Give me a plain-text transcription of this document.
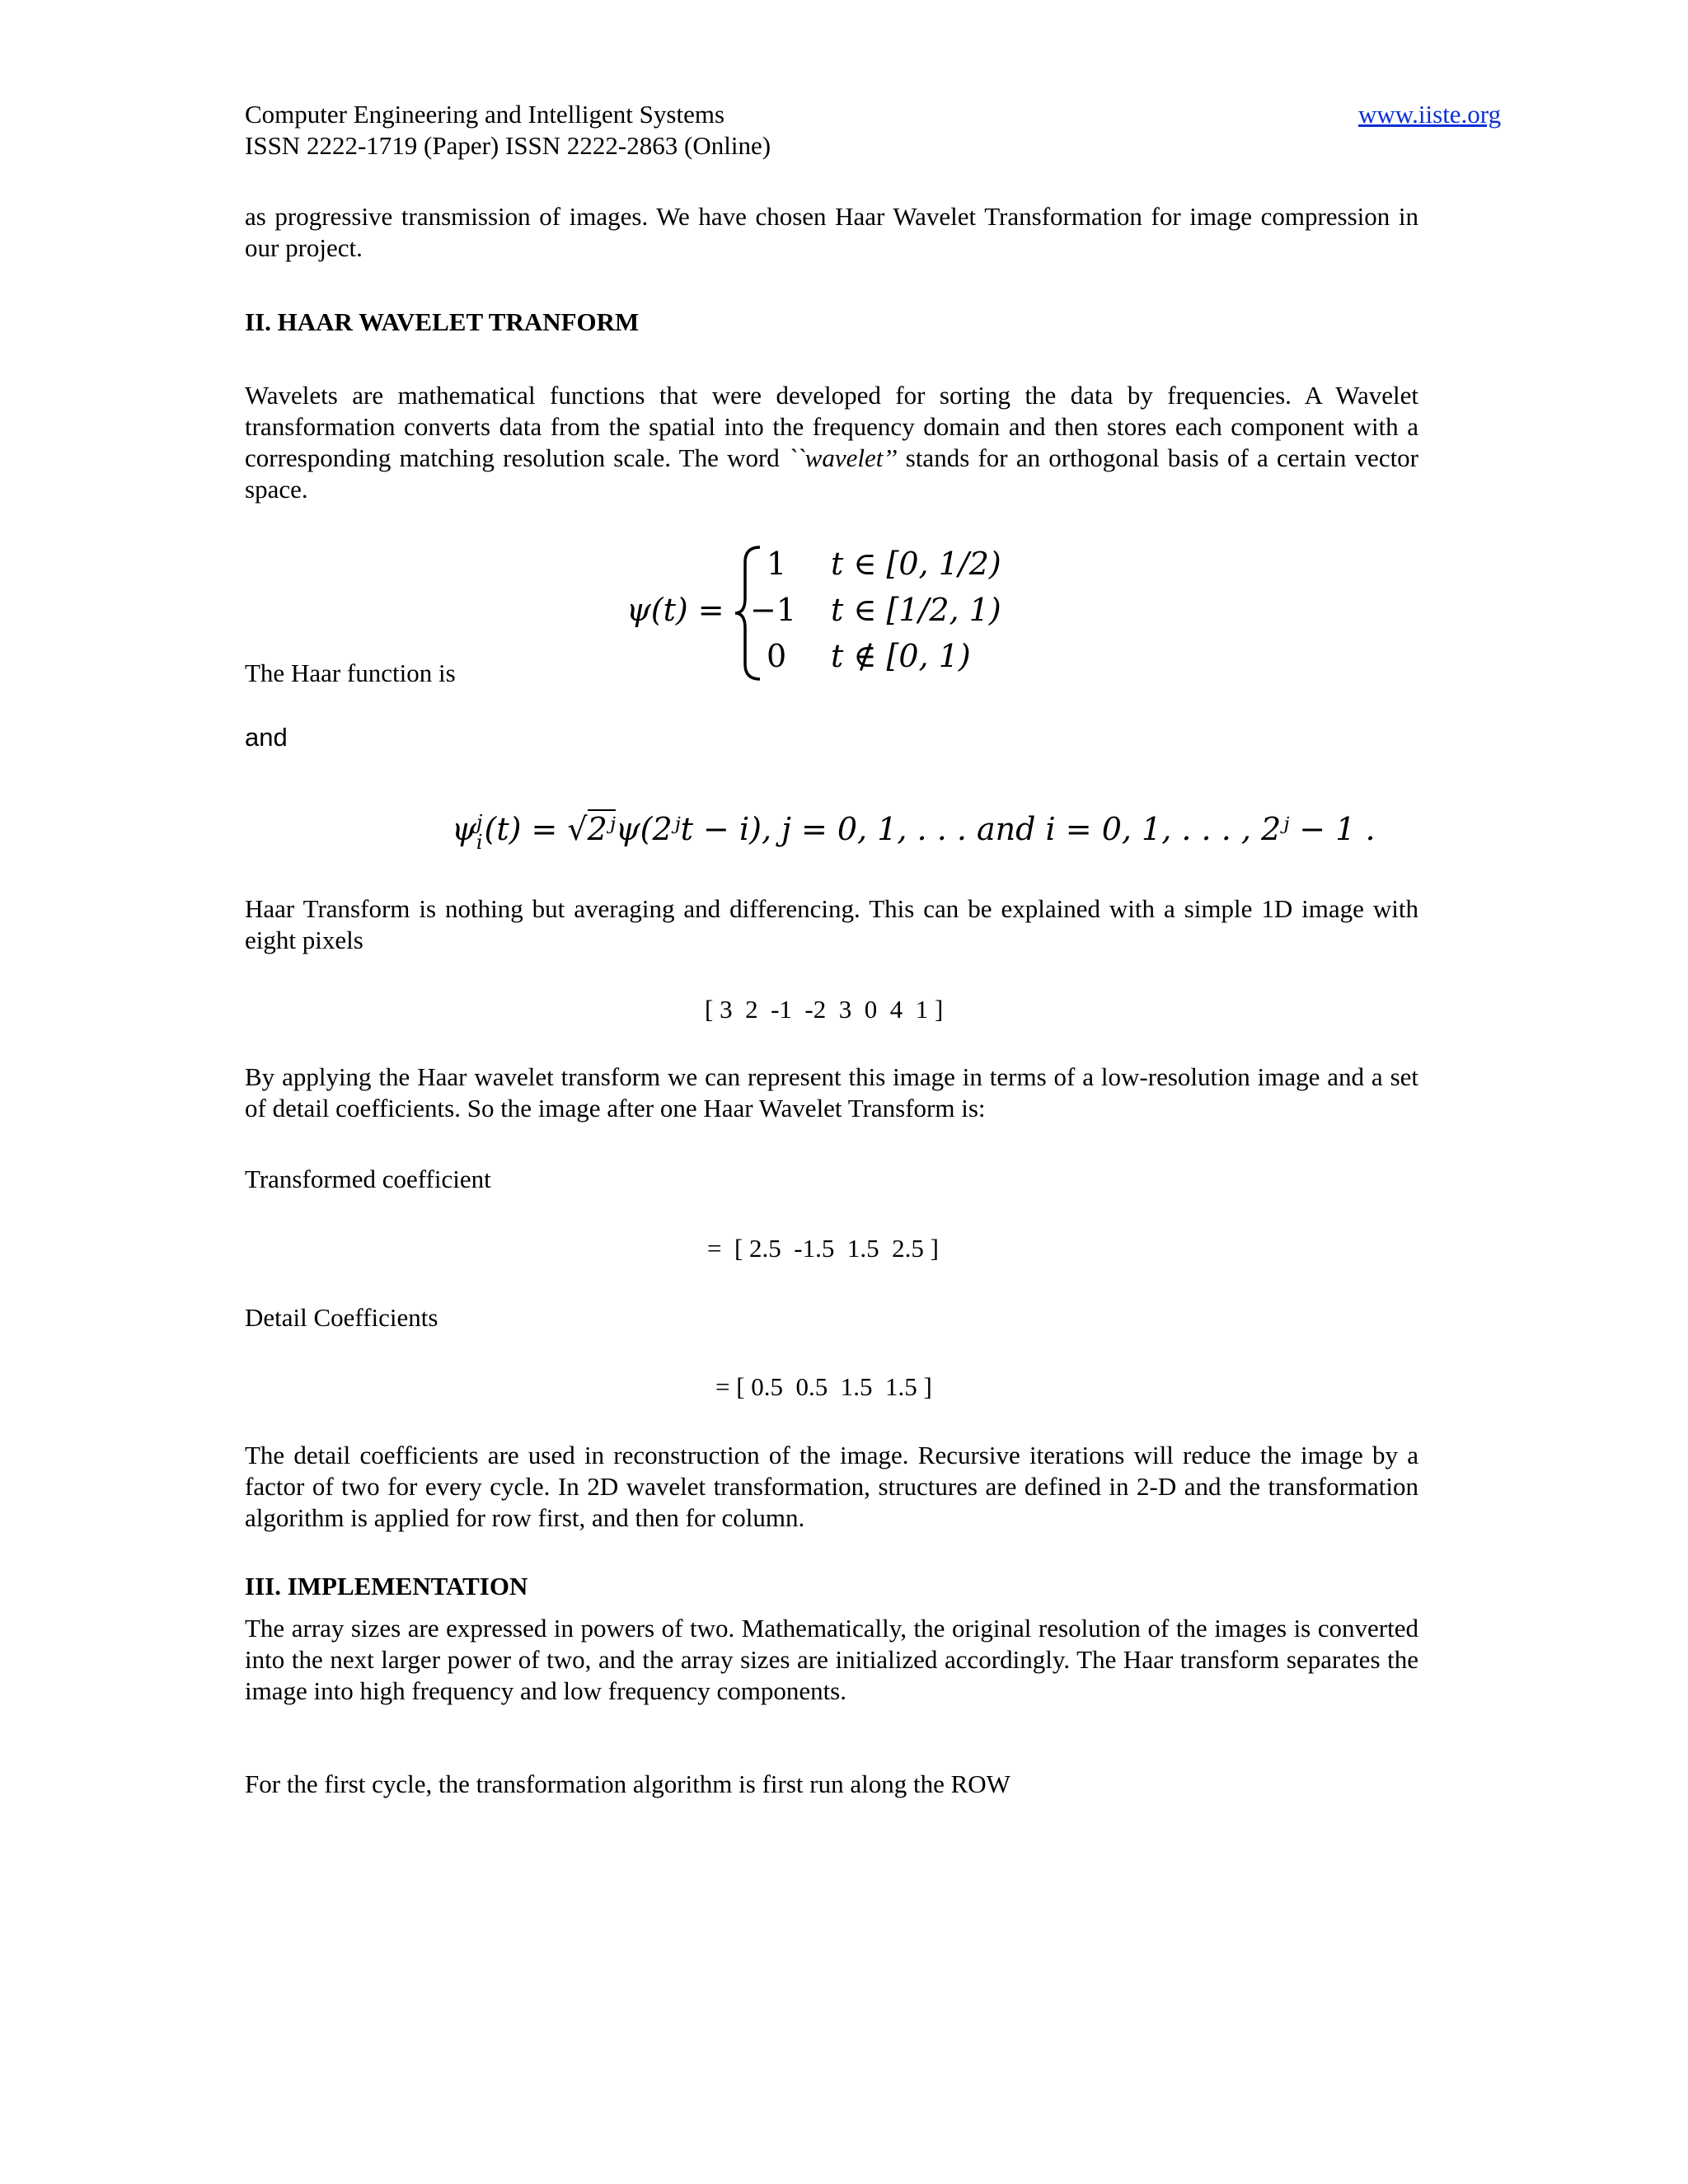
Computer Engineering and Intelligent Systems
ISSN 2222-1719 (Paper) ISSN 2222-2863 (Online)
www.iiste.org

as progressive transmission of images. We have chosen Haar Wavelet Transformation for image compression in our project.

II. HAAR WAVELET TRANFORM

Wavelets are mathematical functions that were developed for sorting the data by frequencies. A Wavelet transformation converts data from the spatial into the frequency domain and then stores each component with a corresponding matching resolution scale. The word ``wavelet’’ stands for an orthogonal basis of a certain vector space.

ψ(t) =
1 t ∈ [0, 1/2)
−1 t ∈ [1/2, 1)
0 t ∉ [0, 1)
The Haar function is
and
ψ j
i (t) = √2ʲψ(2ʲt − i), j = 0, 1, . . . and i = 0, 1, . . . , 2ʲ − 1 .

Haar Transform is nothing but averaging and differencing. This can be explained with a simple 1D image with eight pixels

[ 3  2  -1  -2  3  0  4  1 ]

By applying the Haar wavelet transform we can represent this image in terms of a low-resolution image and a set of detail coefficients. So the image after one Haar Wavelet Transform is:

Transformed coefficient
=  [ 2.5  -1.5  1.5  2.5 ]
Detail Coefficients
= [ 0.5  0.5  1.5  1.5 ]

The detail coefficients are used in reconstruction of the image. Recursive iterations will reduce the image by a factor of two for every cycle. In 2D wavelet transformation, structures are defined in 2-D and the transformation algorithm is applied for row first, and then for column.

III. IMPLEMENTATION

The array sizes are expressed in powers of two. Mathematically, the original resolution of the images is converted into the next larger power of two, and the array sizes are initialized accordingly. The Haar transform separates the image into high frequency and low frequency components.

For the first cycle, the transformation algorithm is first run along the ROW
